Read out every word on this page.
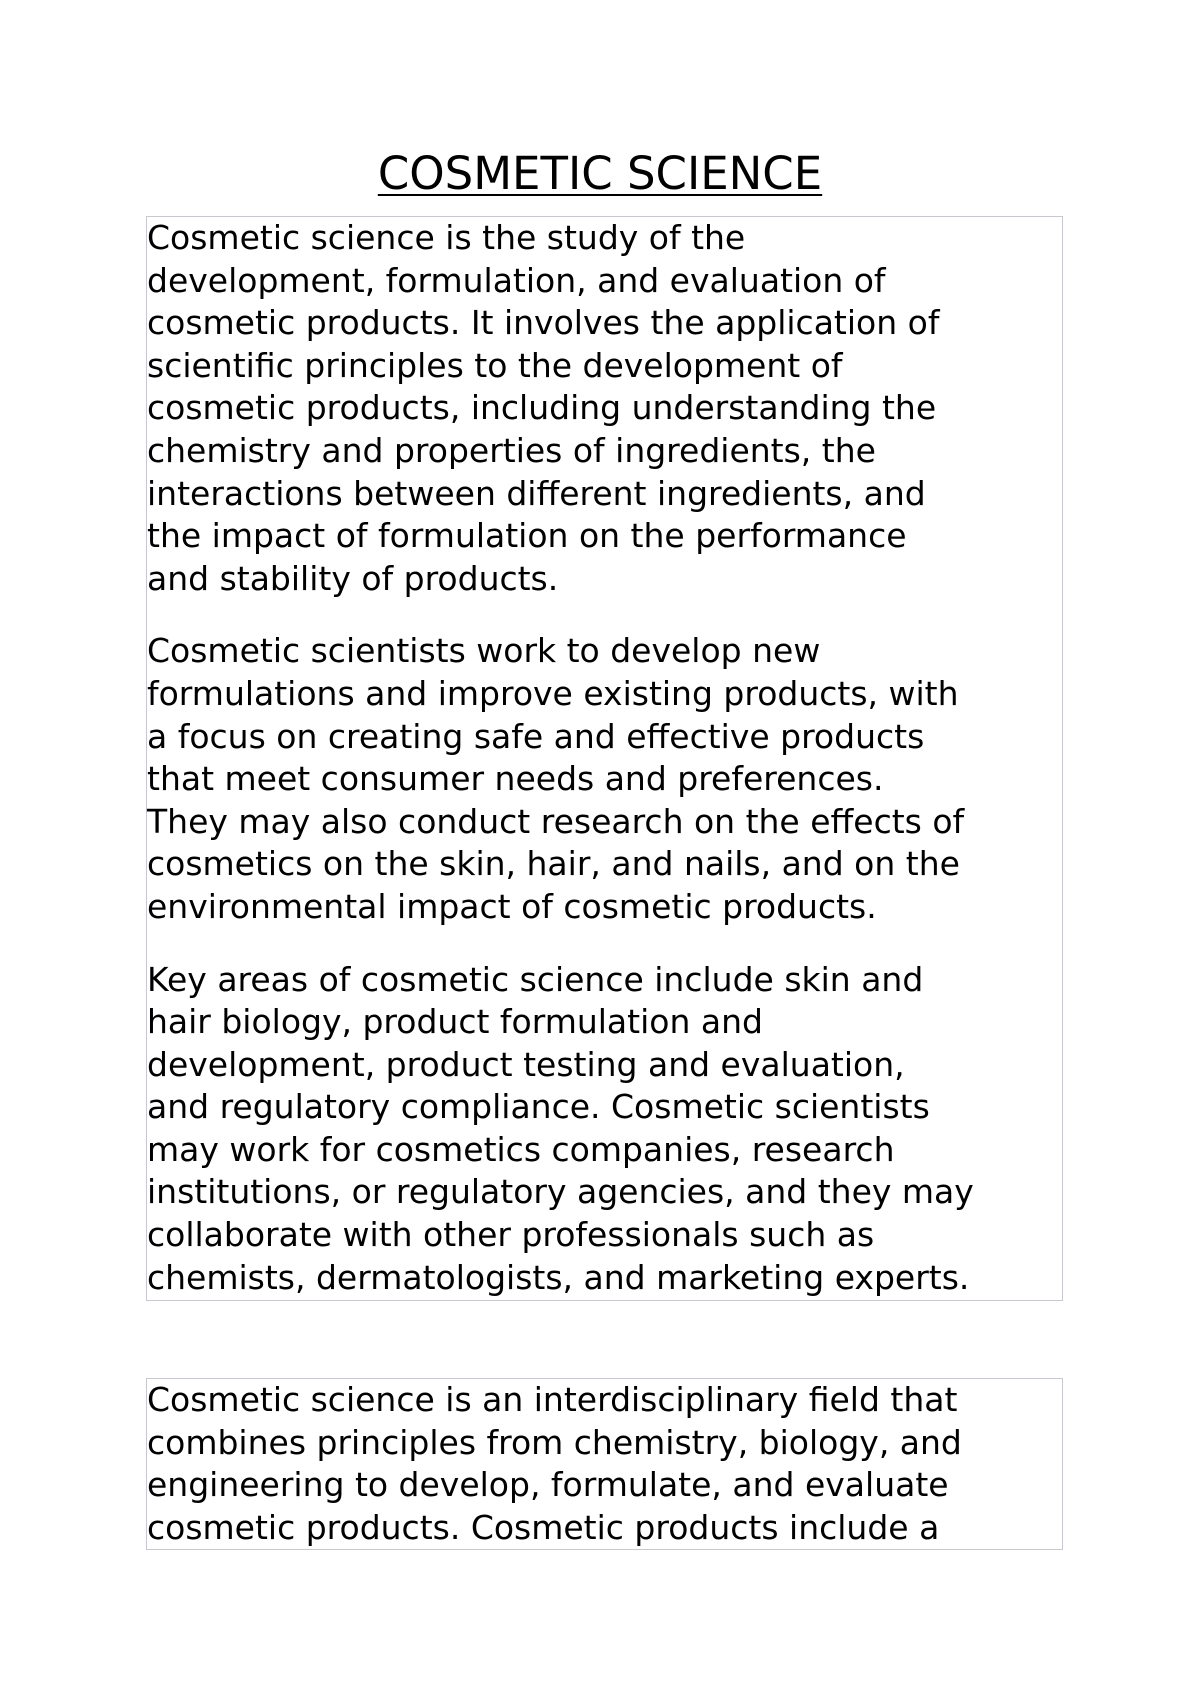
COSMETIC SCIENCE

Cosmetic science is the study of the
development, formulation, and evaluation of
cosmetic products. It involves the application of
scientific principles to the development of
cosmetic products, including understanding the
chemistry and properties of ingredients, the
interactions between different ingredients, and
the impact of formulation on the performance
and stability of products.

Cosmetic scientists work to develop new
formulations and improve existing products, with
a focus on creating safe and effective products
that meet consumer needs and preferences.
They may also conduct research on the effects of
cosmetics on the skin, hair, and nails, and on the
environmental impact of cosmetic products.

Key areas of cosmetic science include skin and
hair biology, product formulation and
development, product testing and evaluation,
and regulatory compliance. Cosmetic scientists
may work for cosmetics companies, research
institutions, or regulatory agencies, and they may
collaborate with other professionals such as
chemists, dermatologists, and marketing experts.

Cosmetic science is an interdisciplinary field that
combines principles from chemistry, biology, and
engineering to develop, formulate, and evaluate
cosmetic products. Cosmetic products include a
